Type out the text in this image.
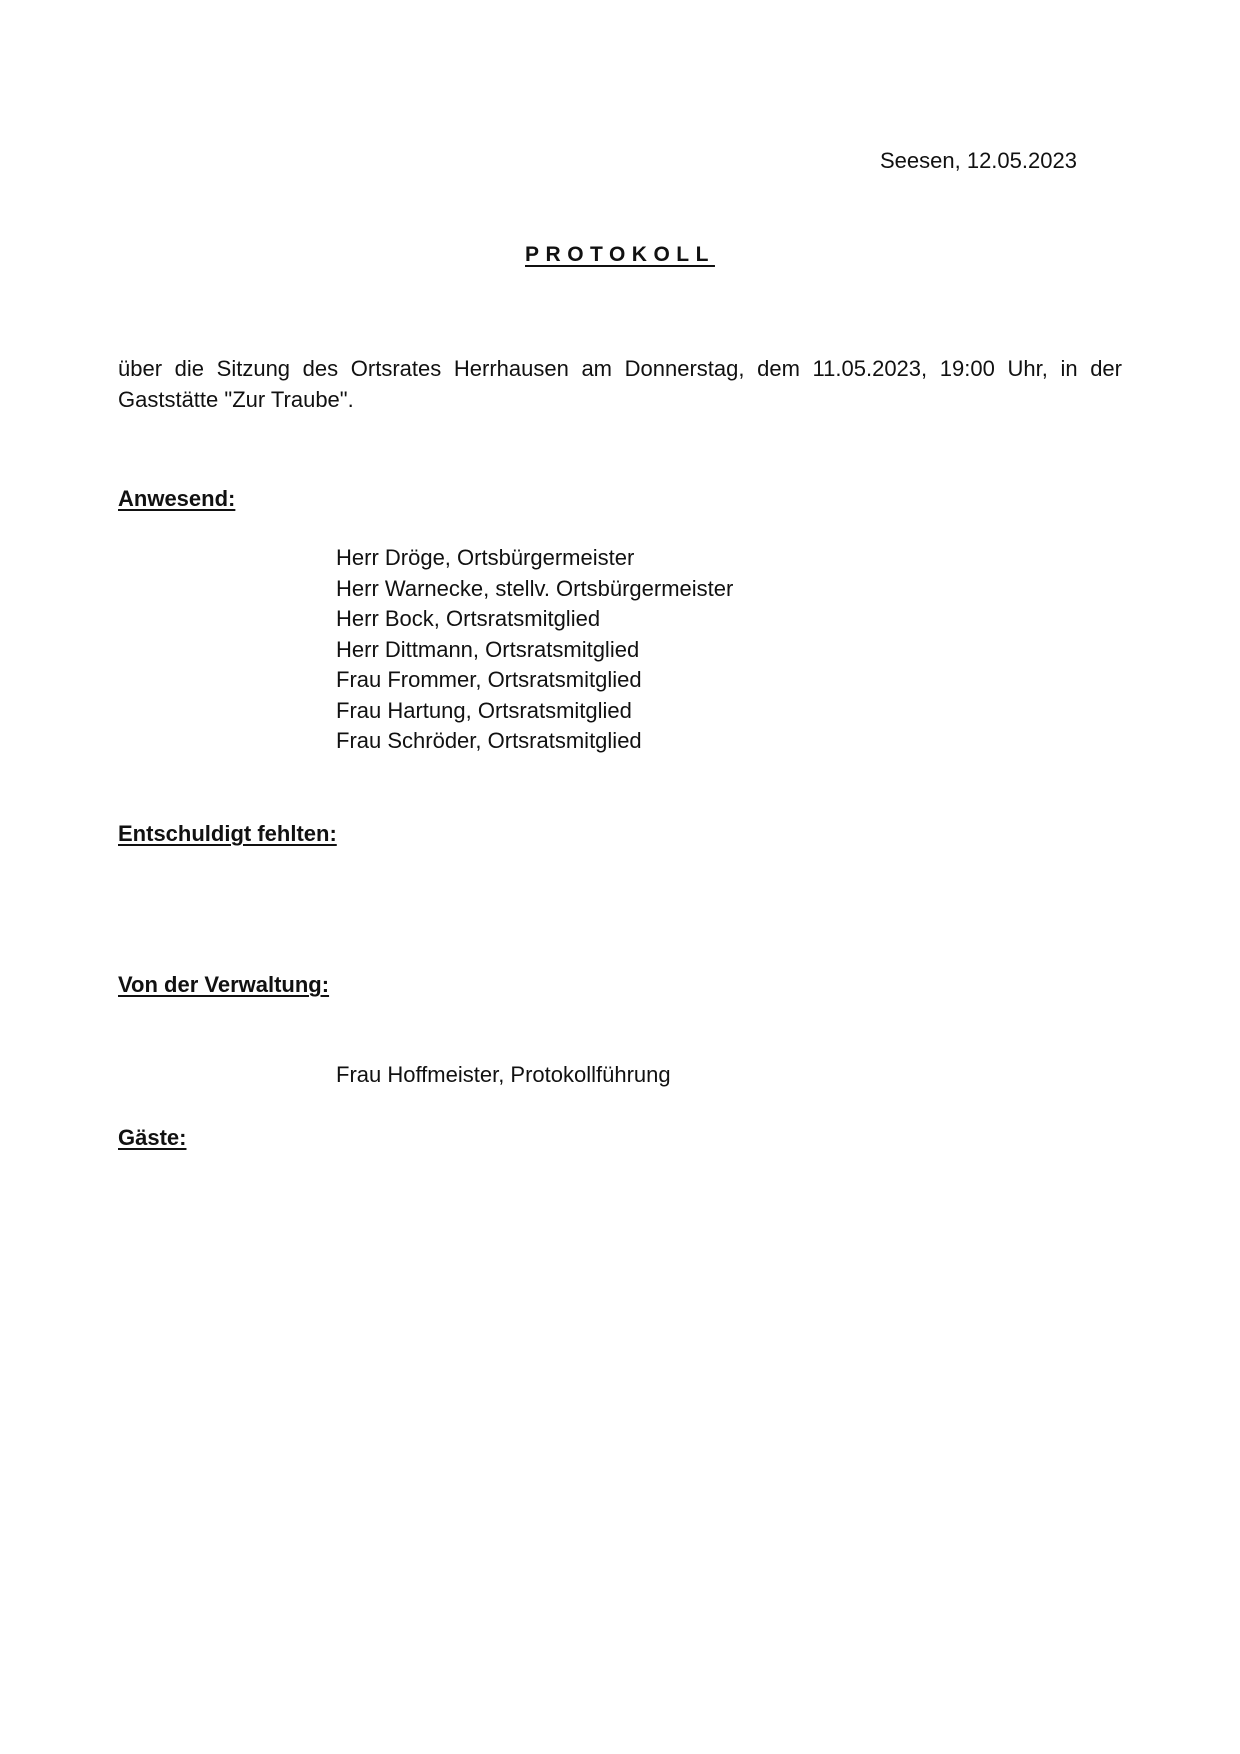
Seesen, 12.05.2023
PROTOKOLL

über die Sitzung des Ortsrates Herrhausen am Donnerstag, dem 11.05.2023, 19:00 Uhr, in der Gaststätte "Zur Traube".

Anwesend:
Herr Dröge, Ortsbürgermeister
Herr Warnecke, stellv. Ortsbürgermeister
Herr Bock, Ortsratsmitglied
Herr Dittmann, Ortsratsmitglied
Frau Frommer, Ortsratsmitglied
Frau Hartung, Ortsratsmitglied
Frau Schröder, Ortsratsmitglied
Entschuldigt fehlten:
Von der Verwaltung:
Frau Hoffmeister, Protokollführung
Gäste:
